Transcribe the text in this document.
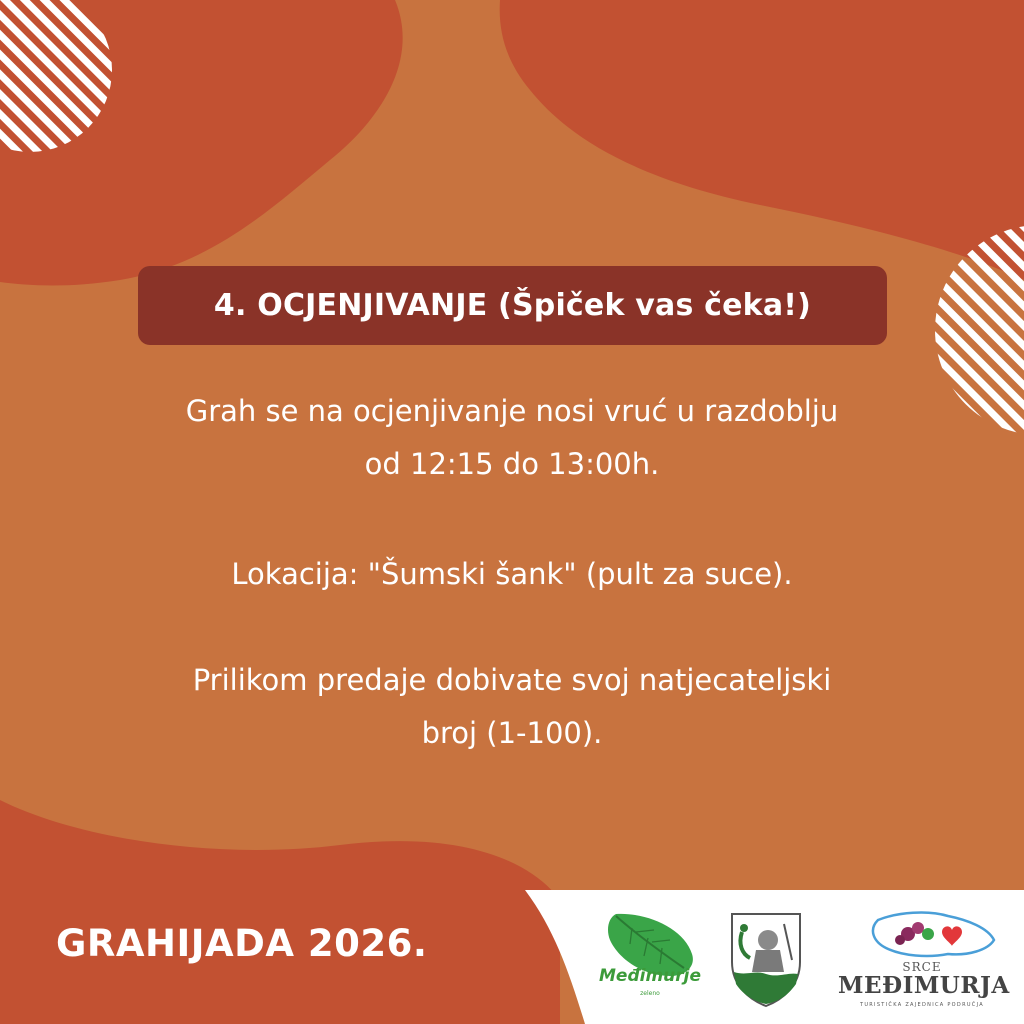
4. OCJENJIVANJE (Špiček vas čeka!)
Grah se na ocjenjivanje nosi vruć u razdoblju
od 12:15 do 13:00h.
Lokacija: "Šumski šank" (pult za suce).
Prilikom predaje dobivate svoj natjecateljski
broj (1-100).
GRAHIJADA 2026.
Međimurje
zeleno
SRCE
MEĐIMURJA
TURISTIČKA ZAJEDNICA PODRUČJA
